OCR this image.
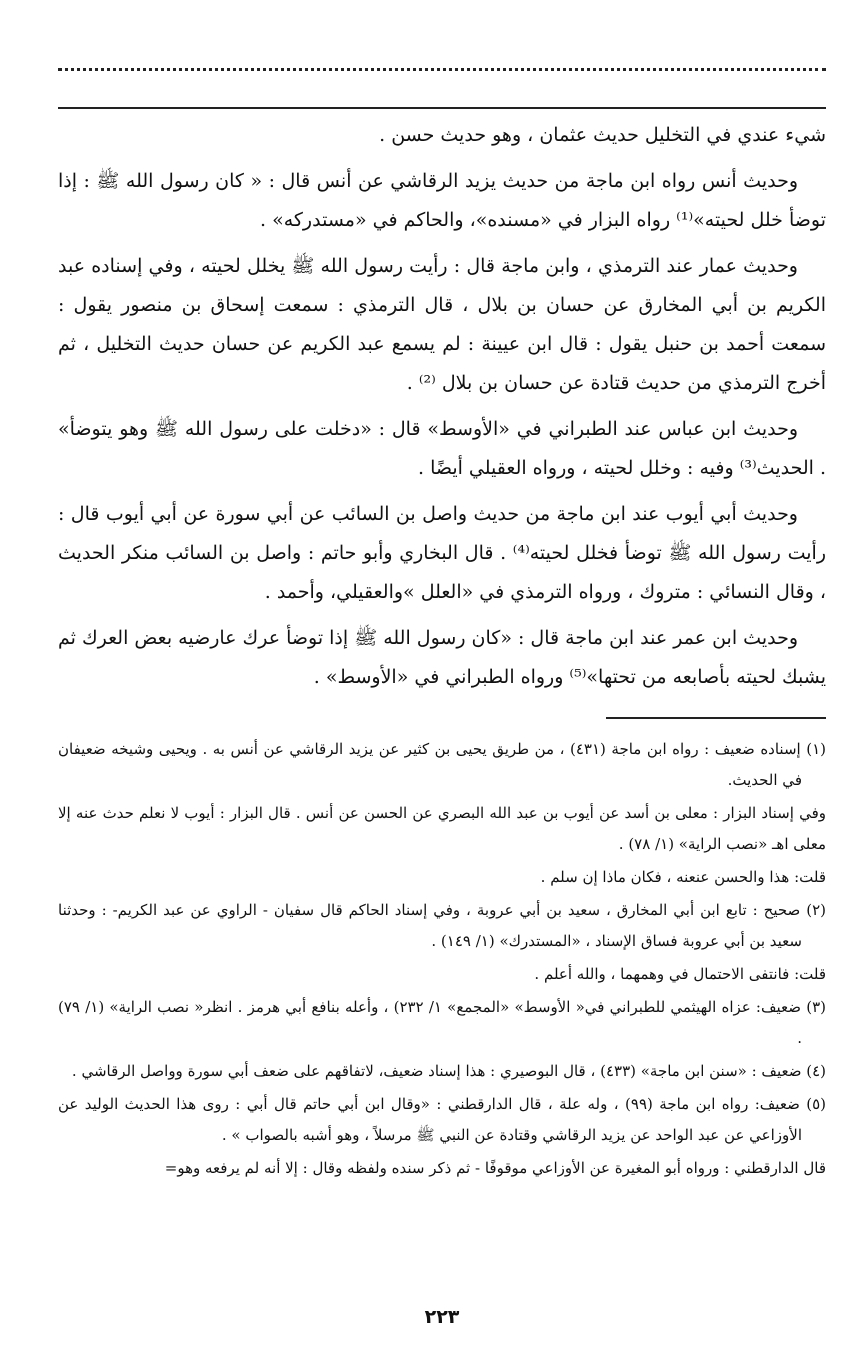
شيء عندي في التخليل حديث عثمان ، وهو حديث حسن .

وحديث أنس رواه ابن ماجة من حديث يزيد الرقاشي عن أنس قال : « كان رسول الله ﷺ : إذا توضأ خلل لحيته»⁽¹⁾ رواه البزار في «مسنده»، والحاكم في «مستدركه» .

وحديث عمار عند الترمذي ، وابن ماجة قال : رأيت رسول الله ﷺ يخلل لحيته ، وفي إسناده عبد الكريم بن أبي المخارق عن حسان بن بلال ، قال الترمذي : سمعت إسحاق بن منصور يقول : سمعت أحمد بن حنبل يقول : قال ابن عيينة : لم يسمع عبد الكريم عن حسان حديث التخليل ، ثم أخرج الترمذي من حديث قتادة عن حسان بن بلال ⁽²⁾ .

وحديث ابن عباس عند الطبراني في «الأوسط» قال : «دخلت على رسول الله ﷺ وهو يتوضأ» . الحديث⁽³⁾ وفيه : وخلل لحيته ، ورواه العقيلي أيضًا .

وحديث أبي أيوب عند ابن ماجة من حديث واصل بن السائب عن أبي سورة عن أبي أيوب قال : رأيت رسول الله ﷺ توضأ فخلل لحيته⁽⁴⁾ . قال البخاري وأبو حاتم : واصل بن السائب منكر الحديث ، وقال النسائي : متروك ، ورواه الترمذي في «العلل »والعقيلي، وأحمد .

وحديث ابن عمر عند ابن ماجة قال : «كان رسول الله ﷺ إذا توضأ عرك عارضيه بعض العرك ثم يشبك لحيته بأصابعه من تحتها»⁽⁵⁾ ورواه الطبراني في «الأوسط» .

(١) إسناده ضعيف : رواه ابن ماجة (٤٣١) ، من طريق يحيى بن كثير عن يزيد الرقاشي عن أنس به . ويحيى وشيخه ضعيفان في الحديث.

وفي إسناد البزار : معلى بن أسد عن أيوب بن عبد الله البصري عن الحسن عن أنس . قال البزار : أيوب لا نعلم حدث عنه إلا معلى اهـ «نصب الراية» (١/ ٧٨) .

قلت: هذا والحسن عنعنه ، فكان ماذا إن سلم .

(٢) صحيح : تابع ابن أبي المخارق ، سعيد بن أبي عروبة ، وفي إسناد الحاكم قال سفيان - الراوي عن عبد الكريم- : وحدثنا سعيد بن أبي عروبة فساق الإسناد ، «المستدرك» (١/ ١٤٩) .

قلت: فانتفى الاحتمال في وهمهما ، والله أعلم .

(٣) ضعيف: عزاه الهيثمي للطبراني في« الأوسط» «المجمع» ١/ ٢٣٢) ، وأعله بنافع أبي هرمز . انظر« نصب الراية» (١/ ٧٩) .

(٤) ضعيف : «سنن ابن ماجة» (٤٣٣) ، قال البوصيري : هذا إسناد ضعيف، لاتفاقهم على ضعف أبي سورة وواصل الرقاشي .

(٥) ضعيف: رواه ابن ماجة (٩٩) ، وله علة ، قال الدارقطني : «وقال ابن أبي حاتم قال أبي : روى هذا الحديث الوليد عن الأوزاعي عن عبد الواحد عن يزيد الرقاشي وقتادة عن النبي ﷺ مرسلاً ، وهو أشبه بالصواب » .

قال الدارقطني : ورواه أبو المغيرة عن الأوزاعي موقوفًا - ثم ذكر سنده ولفظه وقال : إلا أنه لم يرفعه وهو=

٢٢٣
